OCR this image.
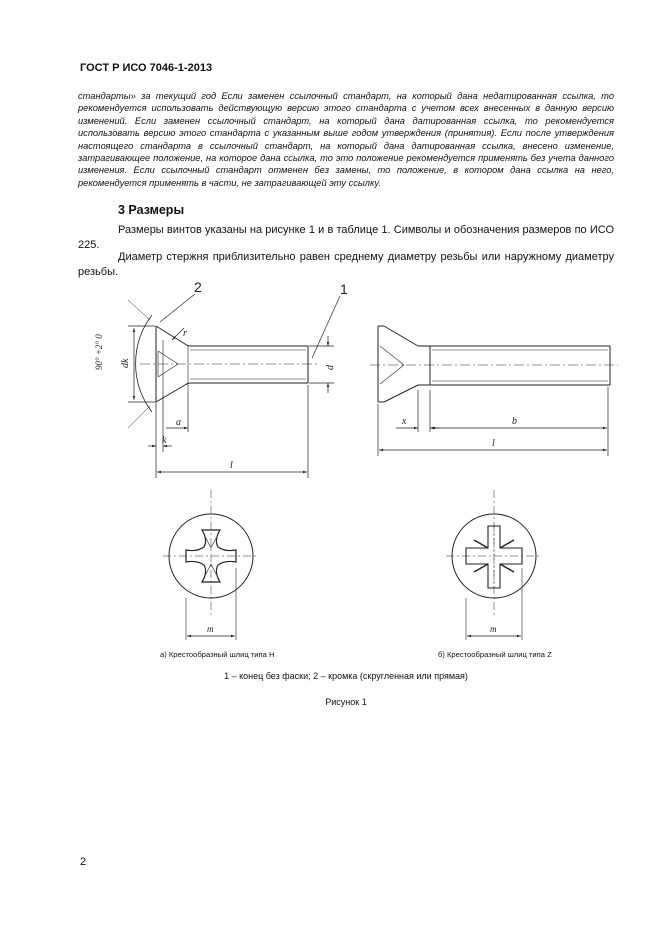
ГОСТ Р ИСО 7046-1-2013
стандарты» за текущий год Если заменен ссылочный стандарт, на который дана недатированная ссылка, то рекомендуется использовать действующую версию этого стандарта с учетом всех внесенных в данную версию изменений. Если заменен ссылочный стандарт, на который дана датированная ссылка, то рекомендуется использовать версию этого стандарта с указанным выше годом утверждения (принятия). Если после утверждения настоящего стандарта в ссылочный стандарт, на который дана датированная ссылка, внесено изменение, затрагивающее положение, на которое дана ссылка, то это положение рекомендуется применять без учета данного изменения. Если ссылочный стандарт отменен без замены, то положение, в котором дана ссылка на него, рекомендуется применять в части, не затрагивающей эту ссылку.
3 Размеры
Размеры винтов указаны на рисунке 1 и в таблице 1. Символы и обозначения размеров по ИСО 225.
Диаметр стержня приблизительно равен среднему диаметру резьбы или наружному диаметру резьбы.
90° +2° 0 dk
r
2	1
d
a
k
l
x	b
l
m	m
а) Крестообразный шлиц типа H	б) Крестообразный шлиц типа Z
1 – конец без фаски; 2 – кромка (скругленная или прямая)
Рисунок 1
2
